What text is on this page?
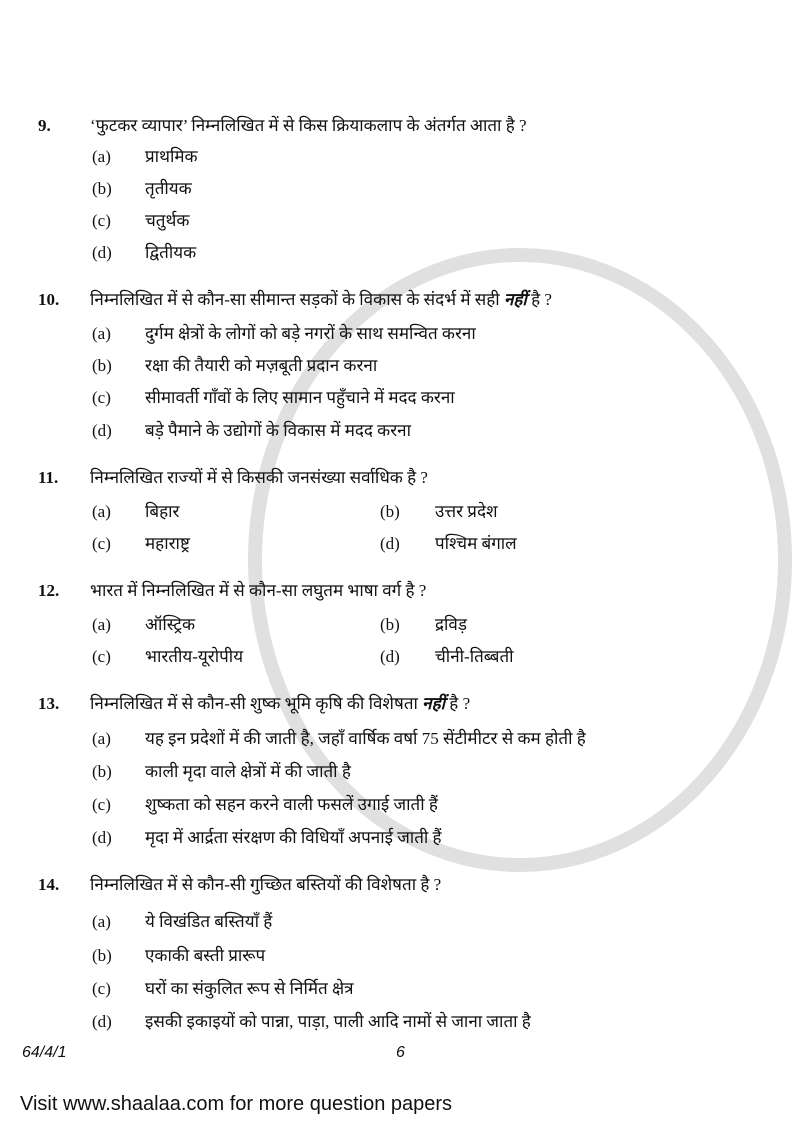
9. ‘फुटकर व्यापार’ निम्नलिखित में से किस क्रियाकलाप के अंतर्गत आता है ?
(a) प्राथमिक
(b) तृतीयक
(c) चतुर्थक
(d) द्वितीयक
10. निम्नलिखित में से कौन-सा सीमान्त सड़कों के विकास के संदर्भ में सही नहीं है ?
(a) दुर्गम क्षेत्रों के लोगों को बड़े नगरों के साथ समन्वित करना
(b) रक्षा की तैयारी को मज़बूती प्रदान करना
(c) सीमावर्ती गाँवों के लिए सामान पहुँचाने में मदद करना
(d) बड़े पैमाने के उद्योगों के विकास में मदद करना
11. निम्नलिखित राज्यों में से किसकी जनसंख्या सर्वाधिक है ?
(a) बिहार	(b) उत्तर प्रदेश
(c) महाराष्ट्र	(d) पश्चिम बंगाल
12. भारत में निम्नलिखित में से कौन-सा लघुतम भाषा वर्ग है ?
(a) ऑस्ट्रिक	(b) द्रविड़
(c) भारतीय-यूरोपीय	(d) चीनी-तिब्बती
13. निम्नलिखित में से कौन-सी शुष्क भूमि कृषि की विशेषता नहीं है ?
(a) यह इन प्रदेशों में की जाती है, जहाँ वार्षिक वर्षा 75 सेंटीमीटर से कम होती है
(b) काली मृदा वाले क्षेत्रों में की जाती है
(c) शुष्कता को सहन करने वाली फसलें उगाई जाती हैं
(d) मृदा में आर्द्रता संरक्षण की विधियाँ अपनाई जाती हैं
14. निम्नलिखित में से कौन-सी गुच्छित बस्तियों की विशेषता है ?
(a) ये विखंडित बस्तियाँ हैं
(b) एकाकी बस्ती प्रारूप
(c) घरों का संकुलित रूप से निर्मित क्षेत्र
(d) इसकी इकाइयों को पान्ना, पाड़ा, पाली आदि नामों से जाना जाता है
64/4/1	6
Visit www.shaalaa.com for more question papers
